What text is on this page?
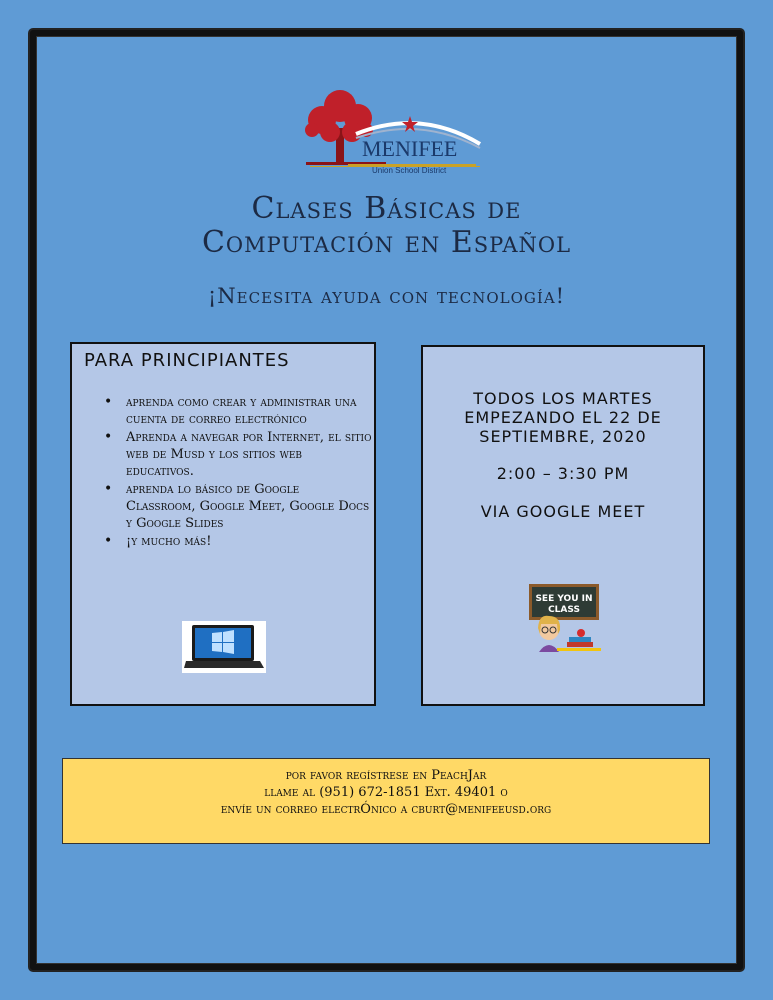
MENIFEE
Union School District
Clases Básicas de
Computación en Español
¡Necesita ayuda con tecnología!
PARA PRINCIPIANTES
• aprenda como crear y administrar una cuenta de correo electrónico
• Aprenda a navegar por Internet, el sitio web de Musd y los sitios web educativos.
• aprenda lo básico de Google Classroom, Google Meet, Google Docs y Google Slides
• ¡y mucho más!
TODOS LOS MARTES
EMPEZANDO EL 22 DE
SEPTIEMBRE, 2020
2:00 – 3:30 PM
VIA GOOGLE MEET
SEE YOU IN
CLASS
por favor regístrese en PeachJar
llame al (951) 672-1851 Ext. 49401 o
envíe un correo electrÓnico a cburt@menifeeusd.org
